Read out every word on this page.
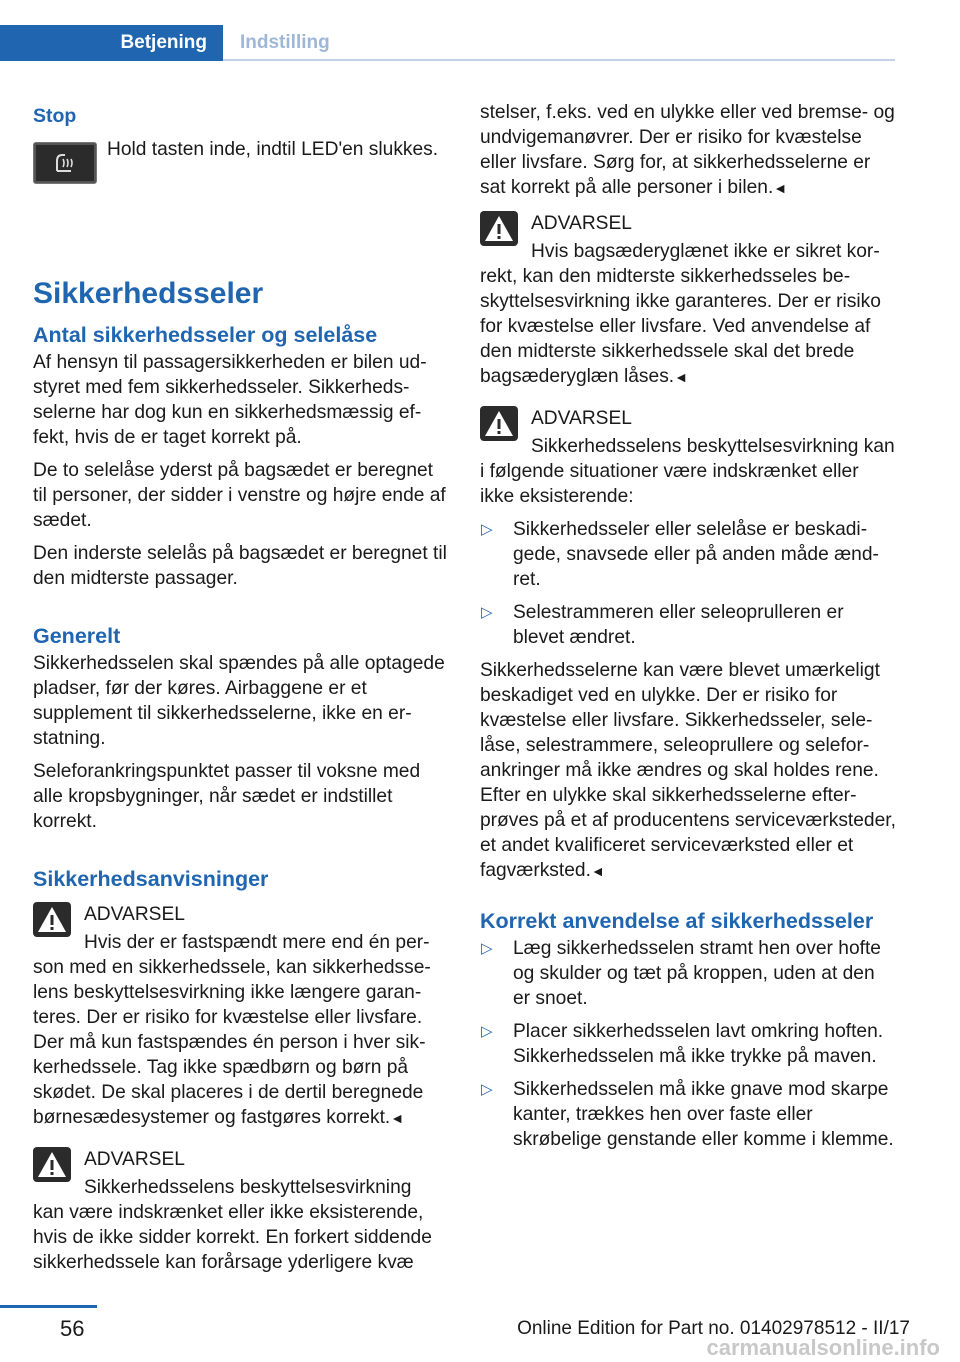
Betjening	Indstilling
Stop

Hold tasten inde, indtil LED'en slukkes.

Sikkerhedsseler
Antal sikkerhedsseler og selelåse

Af hensyn til passagersikkerheden er bilen udstyret med fem sikkerhedsseler. Sikkerhedsselerne har dog kun en sikkerhedsmæssig effekt, hvis de er taget korrekt på.

De to selelåse yderst på bagsædet er beregnet til personer, der sidder i venstre og højre ende af sædet.

Den inderste selelås på bagsædet er beregnet til den midterste passager.

Generelt

Sikkerhedsselen skal spændes på alle optagede pladser, før der køres. Airbaggene er et supplement til sikkerhedsselerne, ikke en erstatning.

Seleforankringspunktet passer til voksne med alle kropsbygninger, når sædet er indstillet korrekt.

Sikkerhedsanvisninger
ADVARSEL

Hvis der er fastspændt mere end én person med en sikkerhedssele, kan sikkerhedsselens beskyttelsesvirkning ikke længere garanteres. Der er risiko for kvæstelse eller livsfare. Der må kun fastspændes én person i hver sikkerhedssele. Tag ikke spædbørn og børn på skødet. De skal placeres i de dertil beregnede børnesædesystemer og fastgøres korrekt.◄

ADVARSEL

Sikkerhedsselens beskyttelsesvirkning kan være indskrænket eller ikke eksisterende, hvis de ikke sidder korrekt. En forkert siddende sikkerhedssele kan forårsage yderligere kvæ

stelser, f.eks. ved en ulykke eller ved bremse- og undvigemanøvrer. Der er risiko for kvæstelse eller livsfare. Sørg for, at sikkerhedsselerne er sat korrekt på alle personer i bilen.◄

ADVARSEL

Hvis bagsæderyglænet ikke er sikret korrekt, kan den midterste sikkerhedsseles beskyttelsesvirkning ikke garanteres. Der er risiko for kvæstelse eller livsfare. Ved anvendelse af den midterste sikkerhedssele skal det brede bagsæderyglæn låses.◄

ADVARSEL

Sikkerhedsselens beskyttelsesvirkning kan i følgende situationer være indskrænket eller ikke eksisterende:

▷ Sikkerhedsseler eller selelåse er beskadigede, snavsede eller på anden måde ændret.
▷ Selestrammeren eller seleoprulleren er blevet ændret.

Sikkerhedsselerne kan være blevet umærkeligt beskadiget ved en ulykke. Der er risiko for kvæstelse eller livsfare. Sikkerhedsseler, selelåse, selestrammere, seleoprullere og seleforankringer må ikke ændres og skal holdes rene. Efter en ulykke skal sikkerhedsselerne efterprøves på et af producentens serviceværksteder, et andet kvalificeret serviceværksted eller et fagværksted.◄

Korrekt anvendelse af sikkerhedsseler
▷ Læg sikkerhedsselen stramt hen over hofte og skulder og tæt på kroppen, uden at den er snoet.
▷ Placer sikkerhedsselen lavt omkring hoften. Sikkerhedsselen må ikke trykke på maven.
▷ Sikkerhedsselen må ikke gnave mod skarpe kanter, trækkes hen over faste eller skrøbelige genstande eller komme i klemme.
56	Online Edition for Part no. 01402978512 - II/17
carmanualsonline.info
